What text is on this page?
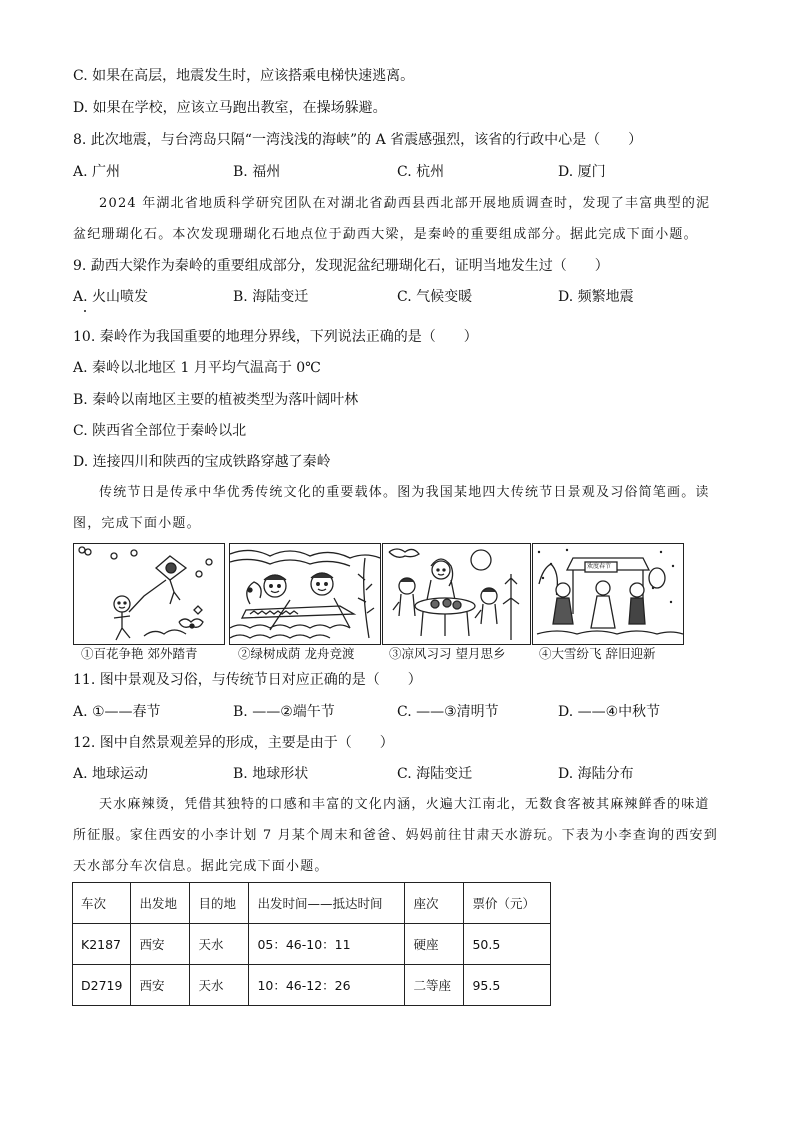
C. 如果在高层，地震发生时，应该搭乘电梯快速逃离。
D. 如果在学校，应该立马跑出教室，在操场躲避。
8. 此次地震，与台湾岛只隔“一湾浅浅的海峡”的 A 省震感强烈，该省的行政中心是（　　）
A. 广州	B. 福州	C. 杭州	D. 厦门
2024 年湖北省地质科学研究团队在对湖北省勐西县西北部开展地质调查时，发现了丰富典型的泥盆纪珊瑚化石。本次发现珊瑚化石地点位于勐西大梁，是秦岭的重要组成部分。据此完成下面小题。
9. 勐西大梁作为秦岭的重要组成部分，发现泥盆纪珊瑚化石，证明当地发生过（　　）
A. 火山喷发	B. 海陆变迁	C. 气候变暖	D. 频繁地震
10. 秦岭作为我国重要的地理分界线，下列说法正确的是（　　）
A. 秦岭以北地区 1 月平均气温高于 0℃
B. 秦岭以南地区主要的植被类型为落叶阔叶林
C. 陕西省全部位于秦岭以北
D. 连接四川和陕西的宝成铁路穿越了秦岭
传统节日是传承中华优秀传统文化的重要载体。图为我国某地四大传统节日景观及习俗简笔画。读图，完成下面小题。
欢度春节
①百花争艳 郊外踏青	②绿树成荫 龙舟竞渡	③凉风习习 望月思乡	④大雪纷飞 辞旧迎新
11. 图中景观及习俗，与传统节日对应正确的是（　　）
A. ①——春节	B. ——②端午节	C. ——③清明节	D. ——④中秋节
12. 图中自然景观差异的形成，主要是由于（　　）
A. 地球运动	B. 地球形状	C. 海陆变迁	D. 海陆分布
天水麻辣烫，凭借其独特的口感和丰富的文化内涵，火遍大江南北，无数食客被其麻辣鲜香的味道所征服。家住西安的小李计划 7 月某个周末和爸爸、妈妈前往甘肃天水游玩。下表为小李查询的西安到天水部分车次信息。据此完成下面小题。
车次	出发地	目的地	出发时间——抵达时间	座次	票价（元）
K2187	西安	天水	05：46-10：11	硬座	50.5
D2719	西安	天水	10：46-12：26	二等座	95.5
